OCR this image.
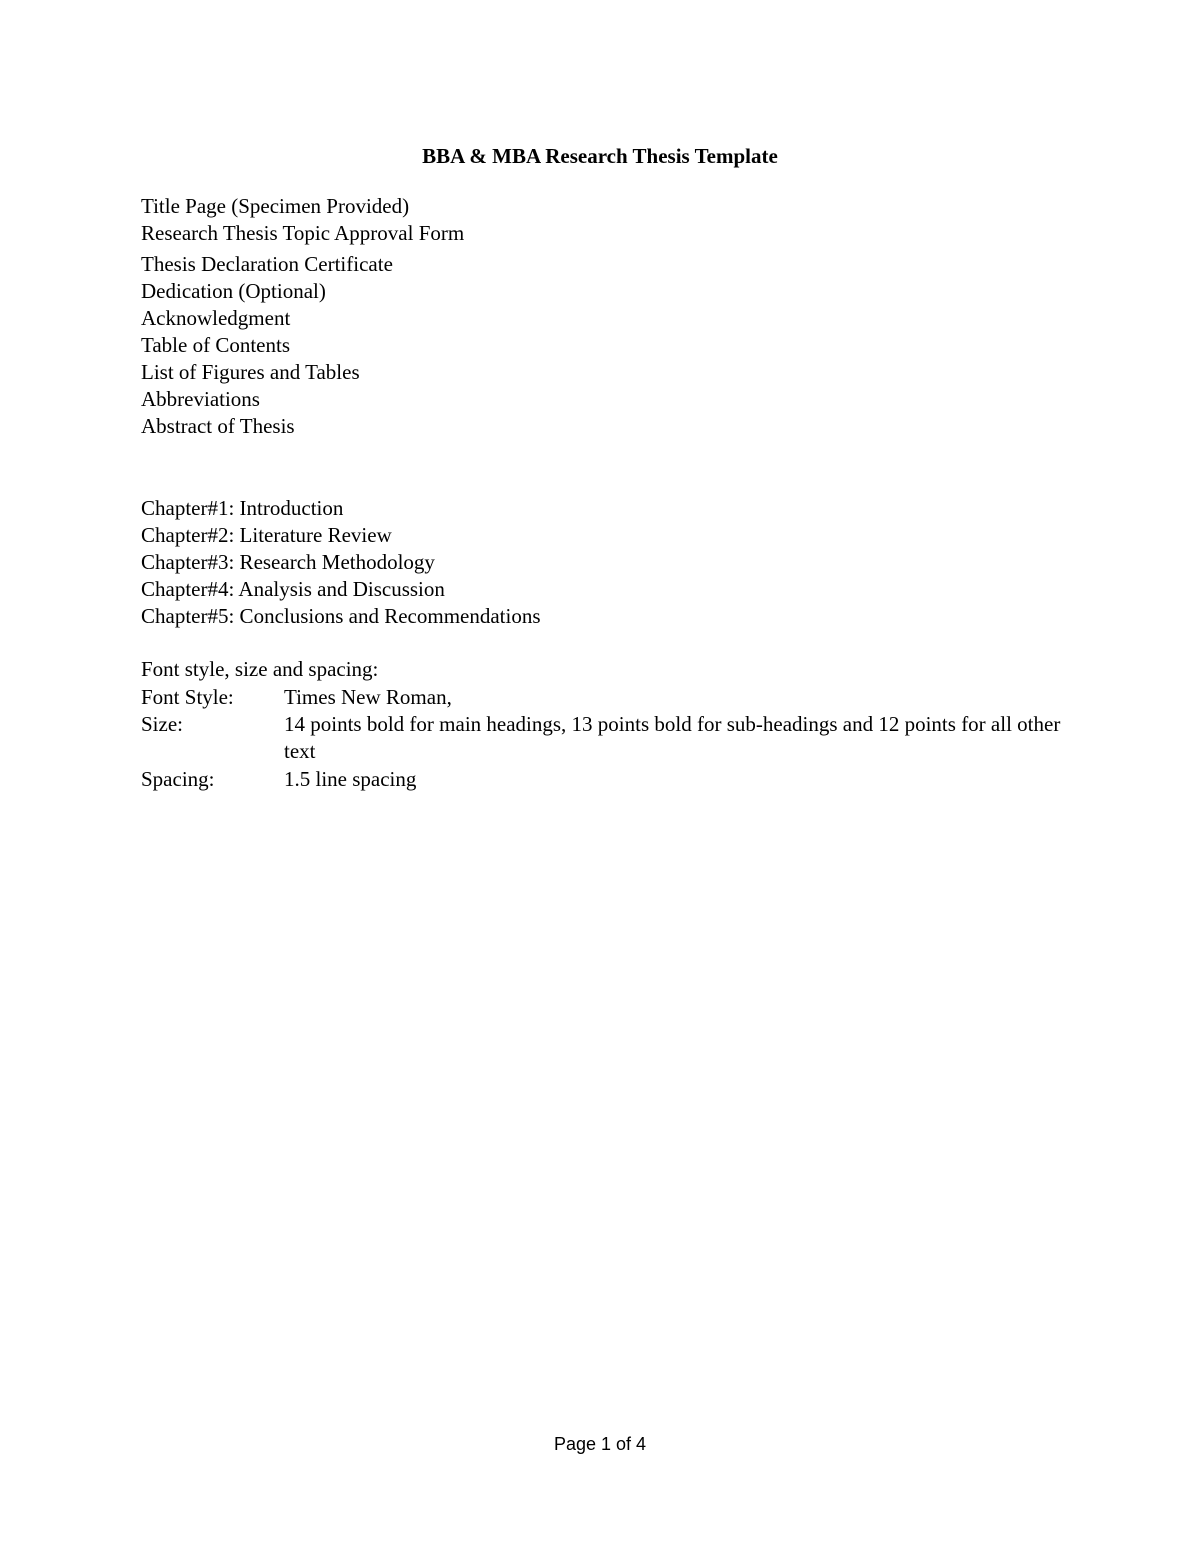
BBA & MBA Research Thesis Template
Title Page (Specimen Provided)
Research Thesis Topic Approval Form
Thesis Declaration Certificate
Dedication (Optional)
Acknowledgment
Table of Contents
List of Figures and Tables
Abbreviations
Abstract of Thesis
Chapter#1: Introduction
Chapter#2: Literature Review
Chapter#3: Research Methodology
Chapter#4: Analysis and Discussion
Chapter#5: Conclusions and Recommendations
Font style, size and spacing:
Font Style:	Times New Roman,
Size:	14 points bold for main headings, 13 points bold for sub-headings and 12 points for all other text
Spacing:	1.5 line spacing
Page 1 of 4
